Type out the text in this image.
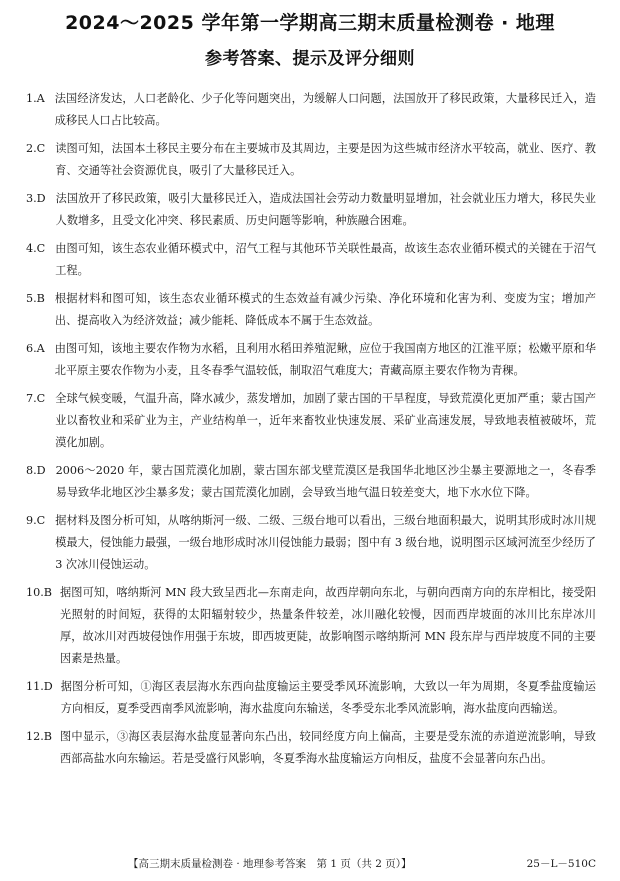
2024～2025 学年第一学期高三期末质量检测卷 · 地理
参考答案、提示及评分细则
1.A 法国经济发达，人口老龄化、少子化等问题突出，为缓解人口问题，法国放开了移民政策，大量移民迁入，造成移民人口占比较高。
2.C 读图可知，法国本土移民主要分布在主要城市及其周边，主要是因为这些城市经济水平较高，就业、医疗、教育、交通等社会资源优良，吸引了大量移民迁入。
3.D 法国放开了移民政策，吸引大量移民迁入，造成法国社会劳动力数量明显增加，社会就业压力增大，移民失业人数增多，且受文化冲突、移民素质、历史问题等影响，种族融合困难。
4.C 由图可知，该生态农业循环模式中，沼气工程与其他环节关联性最高，故该生态农业循环模式的关键在于沼气工程。
5.B 根据材料和图可知，该生态农业循环模式的生态效益有减少污染、净化环境和化害为利、变废为宝；增加产出、提高收入为经济效益；减少能耗、降低成本不属于生态效益。
6.A 由图可知，该地主要农作物为水稻，且利用水稻田养殖泥鳅，应位于我国南方地区的江淮平原；松嫩平原和华北平原主要农作物为小麦，且冬春季气温较低，制取沼气难度大；青藏高原主要农作物为青稞。
7.C 全球气候变暖，气温升高，降水减少，蒸发增加，加剧了蒙古国的干旱程度，导致荒漠化更加严重；蒙古国产业以畜牧业和采矿业为主，产业结构单一，近年来畜牧业快速发展、采矿业高速发展，导致地表植被破坏，荒漠化加剧。
8.D 2006～2020 年，蒙古国荒漠化加剧，蒙古国东部戈壁荒漠区是我国华北地区沙尘暴主要源地之一，冬春季易导致华北地区沙尘暴多发；蒙古国荒漠化加剧，会导致当地气温日较差变大，地下水水位下降。
9.C 据材料及图分析可知，从喀纳斯河一级、二级、三级台地可以看出，三级台地面积最大，说明其形成时冰川规模最大，侵蚀能力最强，一级台地形成时冰川侵蚀能力最弱；图中有 3 级台地，说明图示区域河流至少经历了 3 次冰川侵蚀运动。
10.B 据图可知，喀纳斯河 MN 段大致呈西北—东南走向，故西岸朝向东北，与朝向西南方向的东岸相比，接受阳光照射的时间短，获得的太阳辐射较少，热量条件较差，冰川融化较慢，因而西岸坡面的冰川比东岸冰川厚，故冰川对西坡侵蚀作用强于东坡，即西坡更陡，故影响图示喀纳斯河 MN 段东岸与西岸坡度不同的主要因素是热量。
11.D 据图分析可知，①海区表层海水东西向盐度输运主要受季风环流影响，大致以一年为周期，冬夏季盐度输运方向相反，夏季受西南季风流影响，海水盐度向东输送，冬季受东北季风流影响，海水盐度向西输送。
12.B 图中显示，③海区表层海水盐度显著向东凸出，较同经度方向上偏高，主要是受东流的赤道逆流影响，导致西部高盐水向东输运。若是受盛行风影响，冬夏季海水盐度输运方向相反，盐度不会显著向东凸出。
【高三期末质量检测卷 · 地理参考答案　第 1 页（共 2 页）】	25－L－510C
